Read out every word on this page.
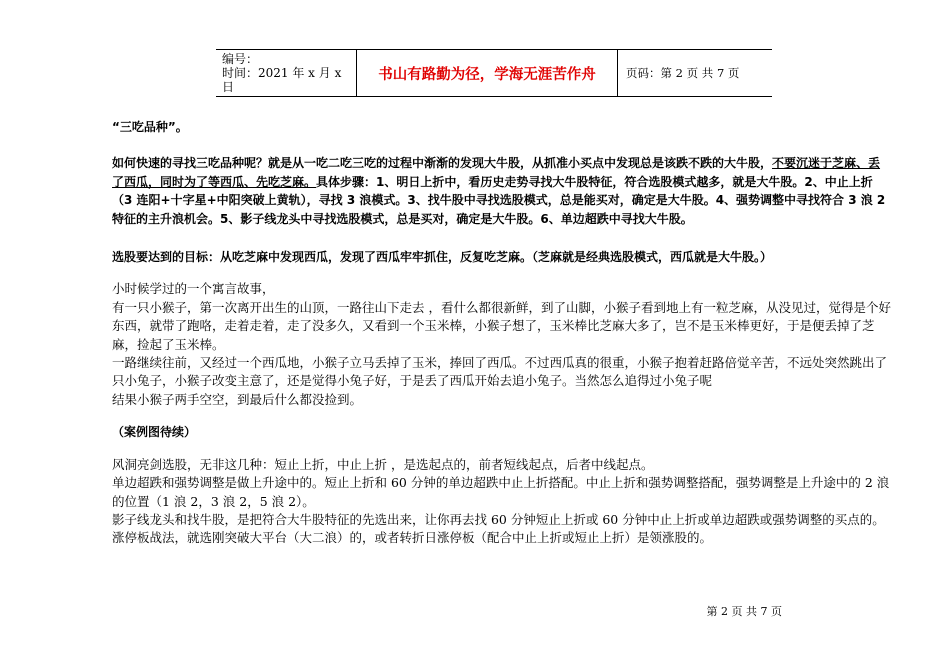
编号：
时间：2021 年 x 月 x 日
书山有路勤为径，学海无涯苦作舟	页码：第 2 页 共 7 页

“三吃品种”。

如何快速的寻找三吃品种呢？就是从一吃二吃三吃的过程中渐渐的发现大牛股，从抓准小买点中发现总是该跌不跌的大牛股，不要沉迷于芝麻、丢了西瓜，同时为了等西瓜、先吃芝麻。具体步骤：1、明日上折中，看历史走势寻找大牛股特征，符合选股模式越多，就是大牛股。2、中止上折（3 连阳+十字星+中阳突破上黄轨），寻找 3 浪模式。3、找牛股中寻找选股模式，总是能买对，确定是大牛股。4、强势调整中寻找符合 3 浪 2 特征的主升浪机会。5、影子线龙头中寻找选股模式，总是买对，确定是大牛股。6、单边超跌中寻找大牛股。

选股要达到的目标：从吃芝麻中发现西瓜，发现了西瓜牢牢抓住，反复吃芝麻。（芝麻就是经典选股模式，西瓜就是大牛股。）

小时候学过的一个寓言故事，

有一只小猴子，第一次离开出生的山顶，一路往山下走去 ，看什么都很新鲜，到了山脚，小猴子看到地上有一粒芝麻，从没见过，觉得是个好东西，就带了跑咯，走着走着，走了没多久，又看到一个玉米棒，小猴子想了，玉米棒比芝麻大多了，岂不是玉米棒更好，于是便丢掉了芝麻，捡起了玉米棒。

一路继续往前，又经过一个西瓜地，小猴子立马丢掉了玉米，捧回了西瓜。不过西瓜真的很重，小猴子抱着赶路倍觉辛苦，不远处突然跳出了只小兔子，小猴子改变主意了，还是觉得小兔子好，于是丢了西瓜开始去追小兔子。当然怎么追得过小兔子呢

结果小猴子两手空空，到最后什么都没捡到。

（案例图待续）

风洞亮剑选股，无非这几种：短止上折，中止上折 ，是选起点的，前者短线起点，后者中线起点。

单边超跌和强势调整是做上升途中的。短止上折和 60 分钟的单边超跌中止上折搭配。中止上折和强势调整搭配，强势调整是上升途中的 2 浪的位置（1 浪 2，3 浪 2，5 浪 2）。

影子线龙头和找牛股，是把符合大牛股特征的先选出来，让你再去找 60 分钟短止上折或 60 分钟中止上折或单边超跌或强势调整的买点的。

涨停板战法，就选刚突破大平台（大二浪）的，或者转折日涨停板（配合中止上折或短止上折）是领涨股的。

第 2 页 共 7 页
